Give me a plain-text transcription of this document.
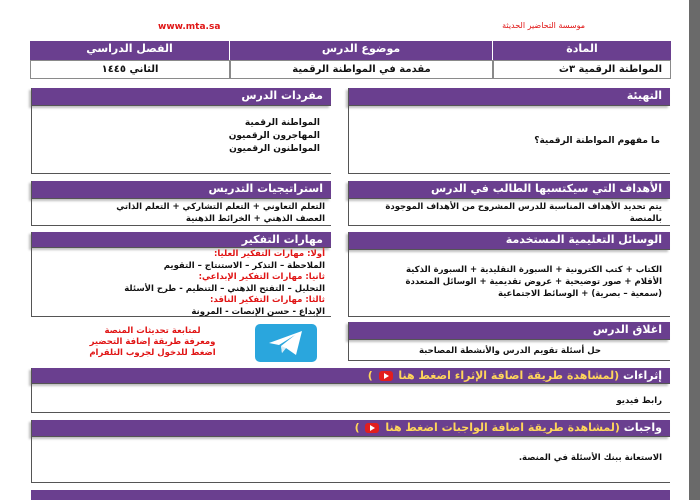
www.mta.sa	موسسة التحاضير الحديثة
المادة
موضوع الدرس
الفصل الدراسي
المواطنة الرقمية ٣ث
مقدمة في المواطنة الرقمية
الثاني ١٤٤٥
مفردات الدرس
المواطنة الرقمية
المهاجرون الرقميون
المواطنون الرقميون
استراتيجيات التدريس
التعلم التعاوني + التعلم التشاركي + التعلم الذاتي
العصف الذهني + الخرائط الذهنية
مهارات التفكير
أولا: مهارات التفكير العليا:
الملاحظة – التذكر – الاستنتاج – التقويم
ثانيا: مهارات التفكير الإبداعي:
التحليل – التفتح الذهني – التنظيم - طرح الأسئلة
ثالثا: مهارات التفكير الناقد:
الإبداع - حسن الإنصات - المرونة
لمتابعة تحديثات المنصة
ومعرفة طريقة إضافة التحضير
اضغط للدخول لجروب التلقرام
التهيئة
ما مفهوم المواطنة الرقمية؟
الأهداف التي سيكتسبها الطالب في الدرس
يتم تحديد الأهداف المناسبة للدرس المشروح من الأهداف الموجودة
بالمنصة
الوسائل التعليمية المستخدمة
الكتاب + كتب الكترونية + السبورة التقليدية + السبورة الذكية
الأقلام + صور توضيحية + عروض تقديمية + الوسائل المتعددة
(سمعية – بصرية) + الوسائط الاجتماعية
اغلاق الدرس
حل أسئلة تقويم الدرس والأنشطة المصاحبة
إثراءات (لمشاهدة طريقة اضافة الإثراء اضغط هنا  )
رابط فيديو
واجبات (لمشاهدة طريقة اضافة الواجبات اضغط هنا  )
الاستعانة ببنك الأسئلة في المنصة.
